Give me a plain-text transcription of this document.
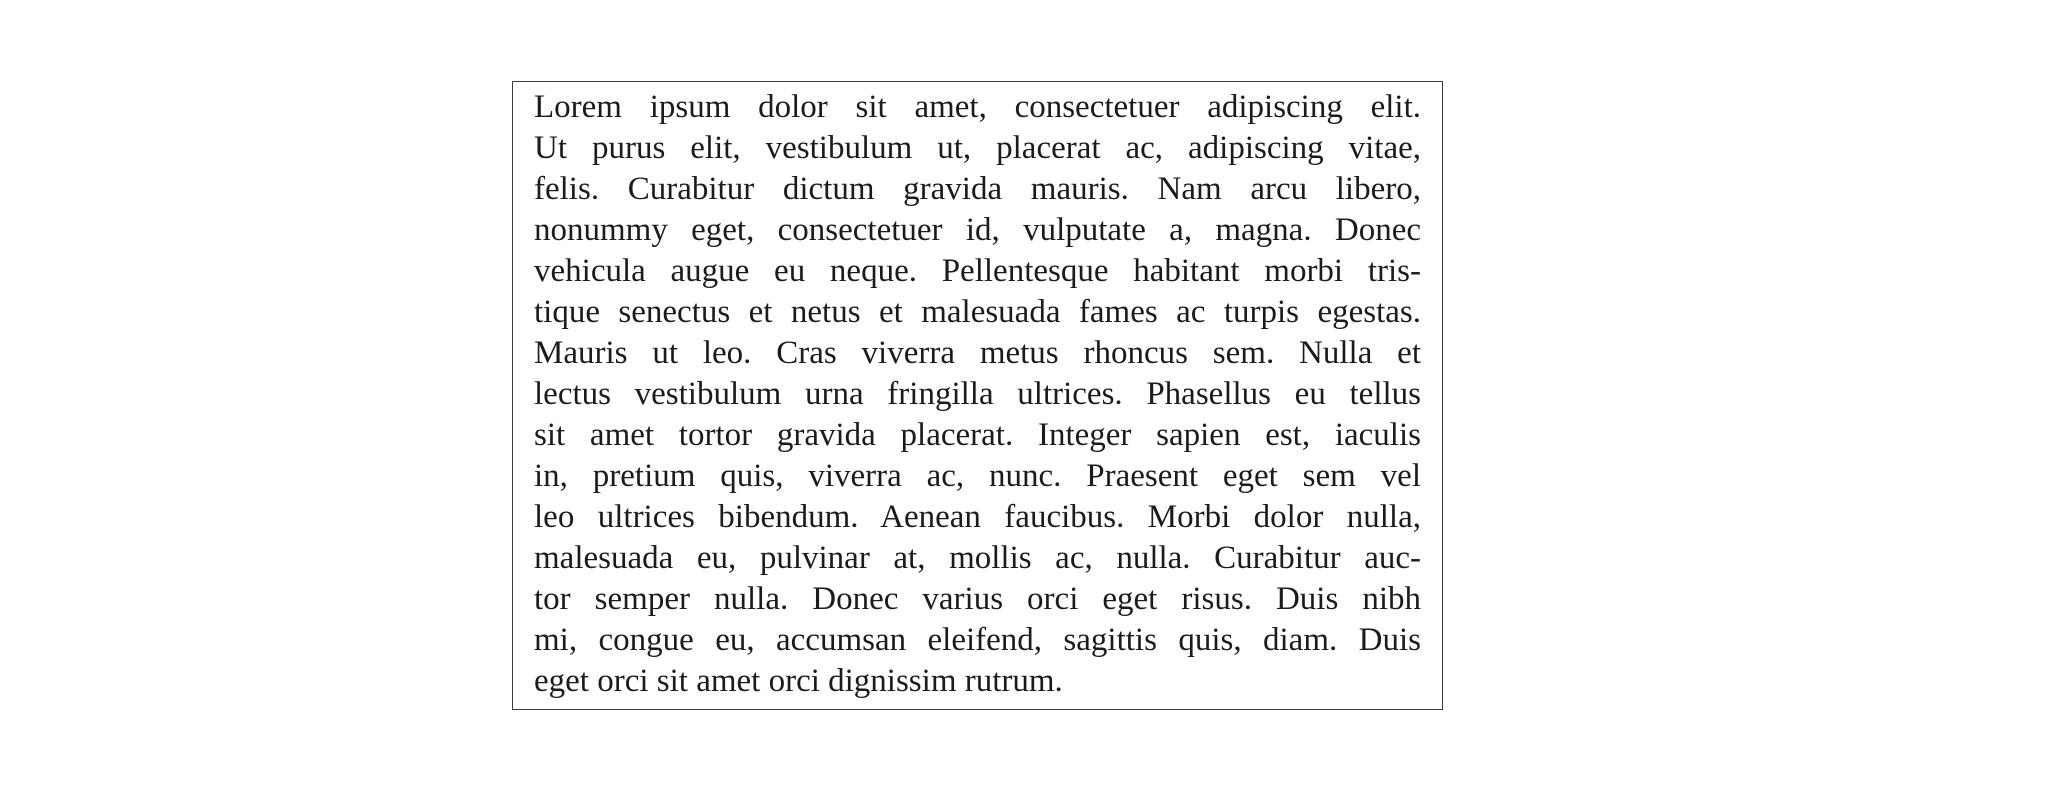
Lorem ipsum dolor sit amet, consectetuer adipiscing elit.
Ut purus elit, vestibulum ut, placerat ac, adipiscing vitae,
felis. Curabitur dictum gravida mauris. Nam arcu libero,
nonummy eget, consectetuer id, vulputate a, magna. Donec
vehicula augue eu neque. Pellentesque habitant morbi tris-
tique senectus et netus et malesuada fames ac turpis egestas.
Mauris ut leo. Cras viverra metus rhoncus sem. Nulla et
lectus vestibulum urna fringilla ultrices. Phasellus eu tellus
sit amet tortor gravida placerat. Integer sapien est, iaculis
in, pretium quis, viverra ac, nunc. Praesent eget sem vel
leo ultrices bibendum. Aenean faucibus. Morbi dolor nulla,
malesuada eu, pulvinar at, mollis ac, nulla. Curabitur auc-
tor semper nulla. Donec varius orci eget risus. Duis nibh
mi, congue eu, accumsan eleifend, sagittis quis, diam. Duis
eget orci sit amet orci dignissim rutrum.
